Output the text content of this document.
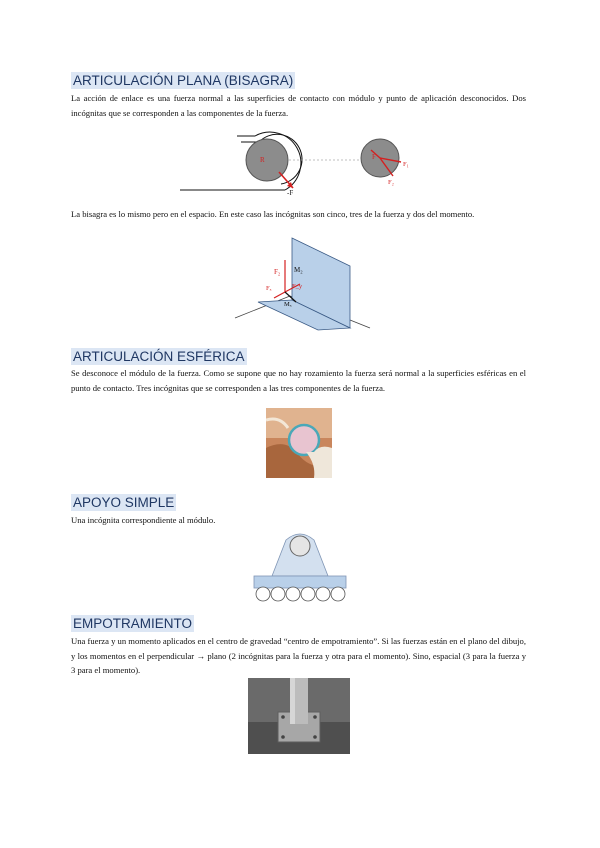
ARTICULACIÓN PLANA (BISAGRA)

La acción de enlace es una fuerza normal a las superficies de contacto con módulo y punto de aplicación desconocidos. Dos incógnitas que se corresponden a las componentes de la fuerza.

R
-F
F
F₁
F₂

La bisagra es lo mismo pero en el espacio. En este caso las incógnitas son cinco, tres de la fuerza y dos del momento.

F₂ M₂
Fₓ	F_y
Mₓ
ARTICULACIÓN ESFÉRICA

Se desconoce el módulo de la fuerza. Como se supone que no hay rozamiento la fuerza será normal a la superficies esféricas en el punto de contacto. Tres incógnitas que se corresponden a las tres componentes de la fuerza.

APOYO SIMPLE

Una incógnita correspondiente al módulo.

EMPOTRAMIENTO

Una fuerza y un momento aplicados en el centro de gravedad “centro de empotramiento”. Si las fuerzas están en el plano del dibujo, y los momentos en el perpendicular → plano (2 incógnitas para la fuerza y otra para el momento). Sino, espacial (3 para la fuerza y 3 para el momento).
